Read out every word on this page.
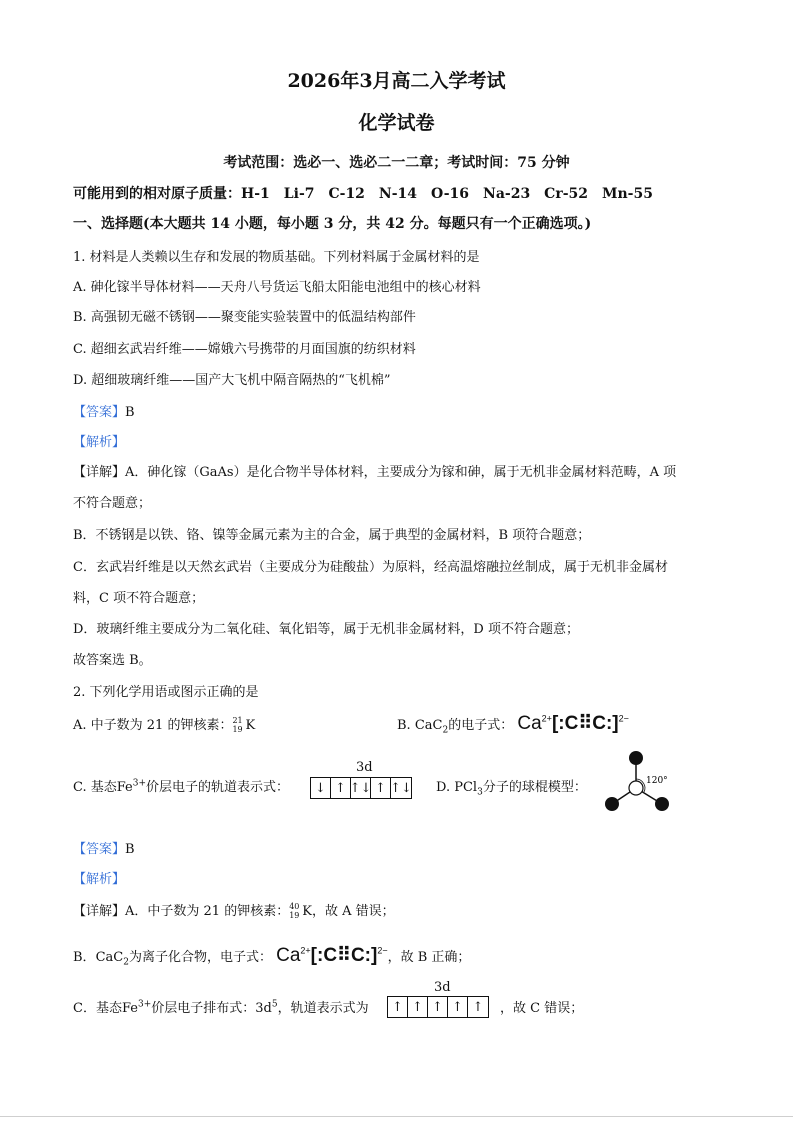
2026年3月高二入学考试
化学试卷
考试范围：选必一、选必二一二章；考试时间：75 分钟
可能用到的相对原子质量：H-1　Li-7　C-12　N-14　O-16　Na-23　Cr-52　Mn-55
一、选择题(本大题共 14 小题，每小题 3 分，共 42 分。每题只有一个正确选项。)
1. 材料是人类赖以生存和发展的物质基础。下列材料属于金属材料的是
A. 砷化镓半导体材料——天舟八号货运飞船太阳能电池组中的核心材料
B. 高强韧无磁不锈钢——聚变能实验装置中的低温结构部件
C. 超细玄武岩纤维——嫦娥六号携带的月面国旗的纺织材料
D. 超细玻璃纤维——国产大飞机中隔音隔热的“飞机棉”
【答案】B
【解析】
【详解】A．砷化镓（GaAs）是化合物半导体材料，主要成分为镓和砷，属于无机非金属材料范畴，A 项
不符合题意；
B．不锈钢是以铁、铬、镍等金属元素为主的合金，属于典型的金属材料，B 项符合题意；
C．玄武岩纤维是以天然玄武岩（主要成分为硅酸盐）为原料，经高温熔融拉丝制成，属于无机非金属材
料，C 项不符合题意；
D．玻璃纤维主要成分为二氧化硅、氧化铝等，属于无机非金属材料，D 项不符合题意；
故答案选 B。
2. 下列化学用语或图示正确的是
A. 中子数为 21 的钾核素： 21
19 K	B. CaC$_2$的电子式： $Ca^{2+}[:C⠿C:]^{2-}$
C. 基态$Fe^{3+}$价层电子的轨道表示式：
3d
↓ ↑ ↑↓ ↑ ↑↓ D. PCl$_3$分子的球棍模型：	120°
【答案】B
【解析】
【详解】A．中子数为 21 的钾核素： 40
19 K，故 A 错误；
B．CaC$_2$为离子化合物，电子式： $Ca^{2+}[:C⠿C:]^{2-}$，故 B 正确；
C．基态$Fe^{3+}$价层电子排布式：$3d^5$，轨道表示式为
3d
↑ ↑ ↑ ↑ ↑	，故 C 错误；
